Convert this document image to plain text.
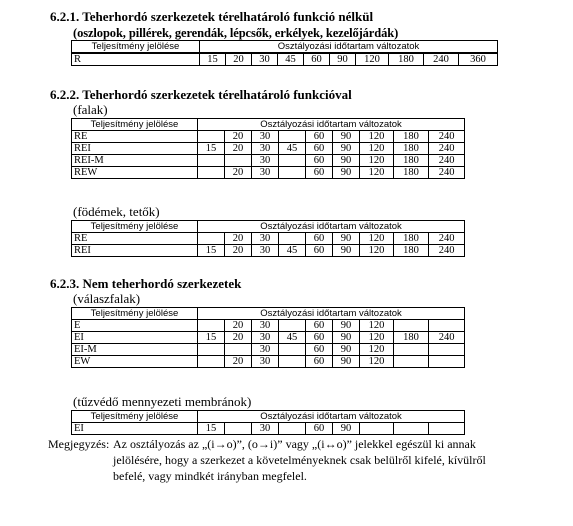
6.2.1. Teherhordó szerkezetek térelhatároló funkció nélkül
(oszlopok, pillérek, gerendák, lépcsők, erkélyek, kezelőjárdák)
Teljesítmény jelölése	Osztályozási időtartam változatok									
R	15	20	30	45	60	90	120	180	240	360
6.2.2. Teherhordó szerkezetek térelhatároló funkcióval
(falak)
Teljesítmény jelölése	Osztályozási időtartam változatok								
RE		20	30		60	90	120	180	240
REI	15	20	30	45	60	90	120	180	240
REI-M			30		60	90	120	180	240
REW		20	30		60	90	120	180	240
(födémek, tetők)
Teljesítmény jelölése	Osztályozási időtartam változatok								
RE		20	30		60	90	120	180	240
REI	15	20	30	45	60	90	120	180	240
6.2.3. Nem teherhordó szerkezetek
(válaszfalak)
Teljesítmény jelölése	Osztályozási időtartam változatok								
E		20	30		60	90	120		
EI	15	20	30	45	60	90	120	180	240
EI-M			30		60	90	120		
EW		20	30		60	90	120		
(tűzvédő mennyezeti membránok)
Teljesítmény jelölése	Osztályozási időtartam változatok								
EI	15		30		60	90			
Megjegyzés: Az osztályozás az „(i→o)”, (o→i)” vagy „(i↔o)” jelekkel egészül ki annak
jelölésére, hogy a szerkezet a követelményeknek csak belülről kifelé, kívülről
befelé, vagy mindkét irányban megfelel.
